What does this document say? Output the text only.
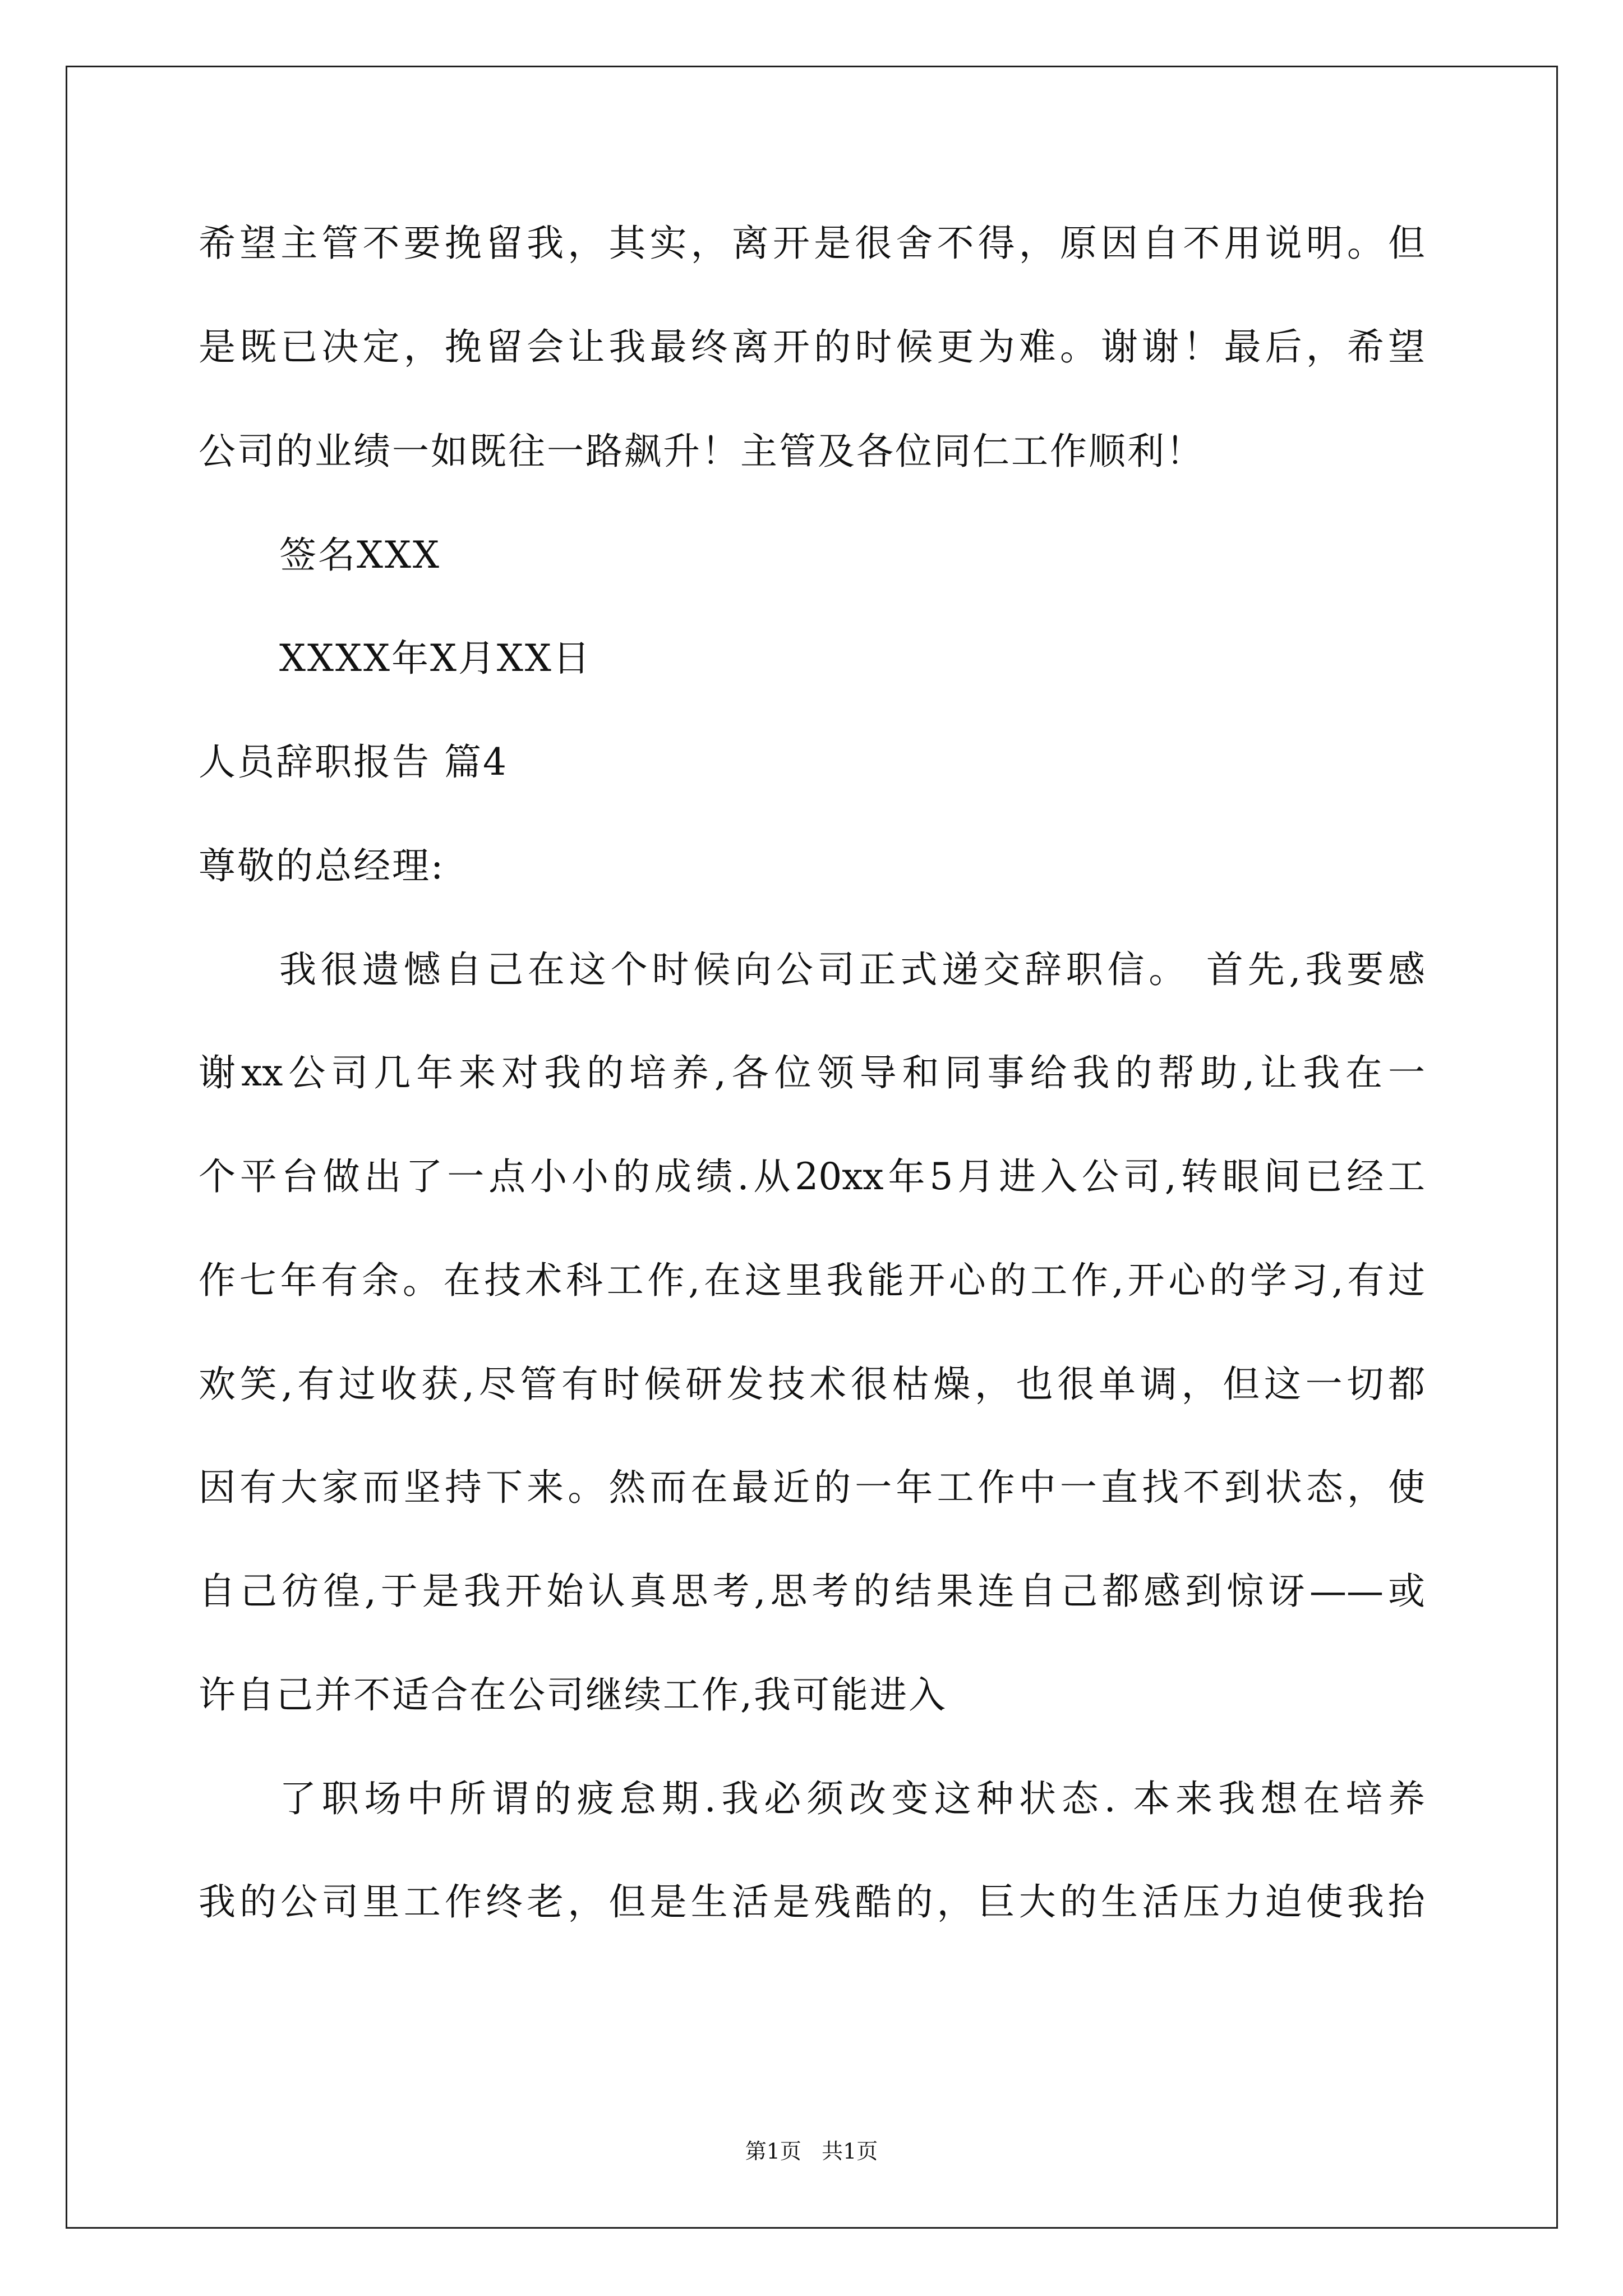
希望主管不要挽留我，其实，离开是很舍不得，原因自不用说明。但
是既已决定，挽留会让我最终离开的时候更为难。谢谢！最后，希望
公司的业绩一如既往一路飙升！主管及各位同仁工作顺利！
签名XXX
XXXX年X月XX日
人员辞职报告 篇4
尊敬的总经理:
我很遗憾自己在这个时候向公司正式递交辞职信。 首先,我要感
谢xx公司几年来对我的培养,各位领导和同事给我的帮助,让我在一
个平台做出了一点小小的成绩.从20xx年5月进入公司,转眼间已经工
作七年有余。在技术科工作,在这里我能开心的工作,开心的学习,有过
欢笑,有过收获,尽管有时候研发技术很枯燥，也很单调，但这一切都
因有大家而坚持下来。然而在最近的一年工作中一直找不到状态，使
自己彷徨,于是我开始认真思考,思考的结果连自己都感到惊讶——或
许自己并不适合在公司继续工作,我可能进入
了职场中所谓的疲怠期.我必须改变这种状态. 本来我想在培养
我的公司里工作终老，但是生活是残酷的，巨大的生活压力迫使我抬
第1页   共1页
